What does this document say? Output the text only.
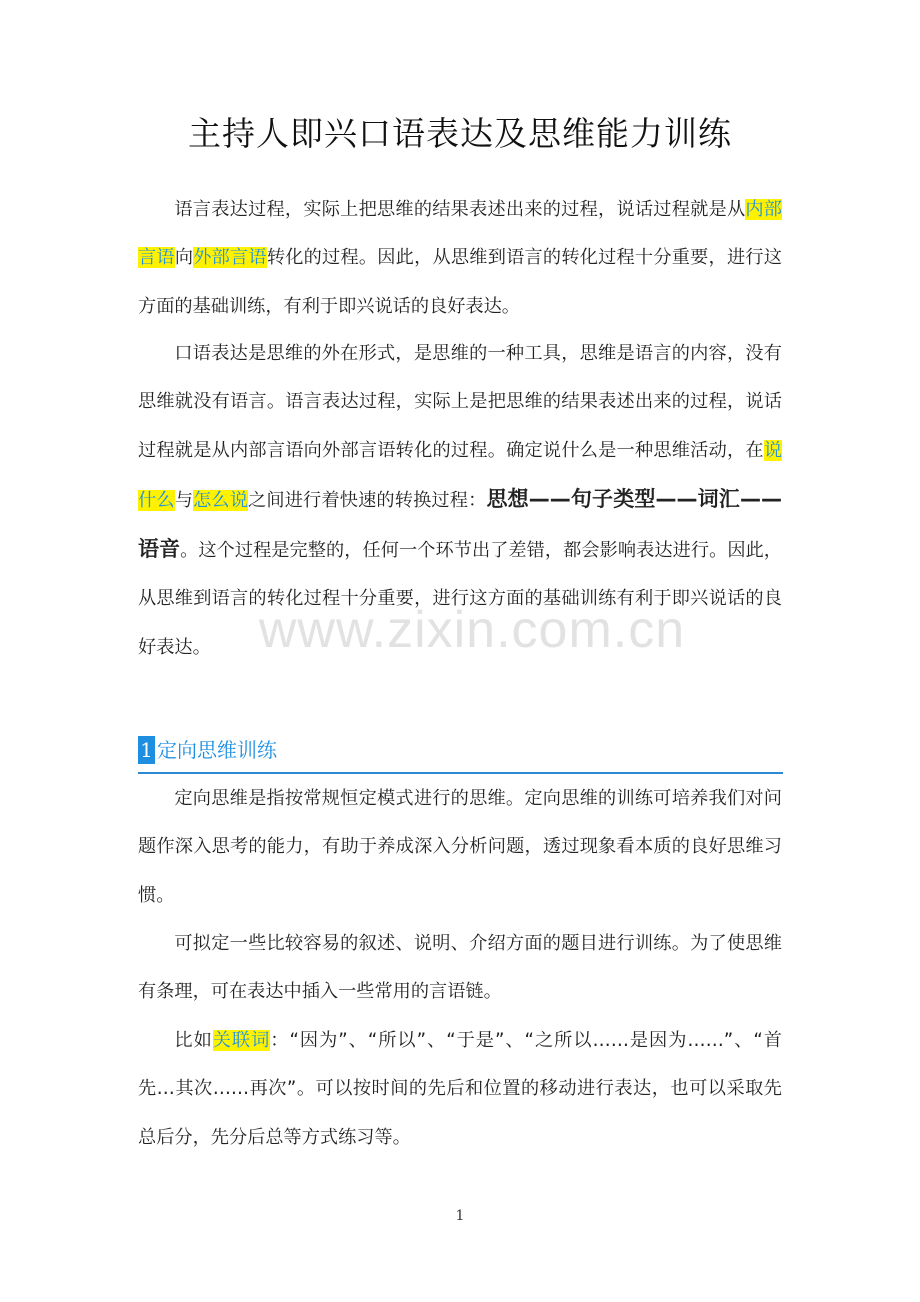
主持人即兴口语表达及思维能力训练

语言表达过程，实际上把思维的结果表述出来的过程，说话过程就是从内部言语向外部言语转化的过程。因此，从思维到语言的转化过程十分重要，进行这方面的基础训练，有利于即兴说话的良好表达。

口语表达是思维的外在形式，是思维的一种工具，思维是语言的内容，没有思维就没有语言。语言表达过程，实际上是把思维的结果表述出来的过程，说话过程就是从内部言语向外部言语转化的过程。确定说什么是一种思维活动，在说什么与怎么说之间进行着快速的转换过程：思想——句子类型——词汇——语音。这个过程是完整的，任何一个环节出了差错，都会影响表达进行。因此，从思维到语言的转化过程十分重要，进行这方面的基础训练有利于即兴说话的良好表达。 www.zixin.com.cn
1 定向思维训练

定向思维是指按常规恒定模式进行的思维。定向思维的训练可培养我们对问题作深入思考的能力，有助于养成深入分析问题，透过现象看本质的良好思维习惯。

可拟定一些比较容易的叙述、说明、介绍方面的题目进行训练。为了使思维有条理，可在表达中插入一些常用的言语链。

比如关联词：“因为”、“所以”、“于是”、“之所以……是因为……”、“首先…其次……再次”。可以按时间的先后和位置的移动进行表达，也可以采取先总后分，先分后总等方式练习等。

1
